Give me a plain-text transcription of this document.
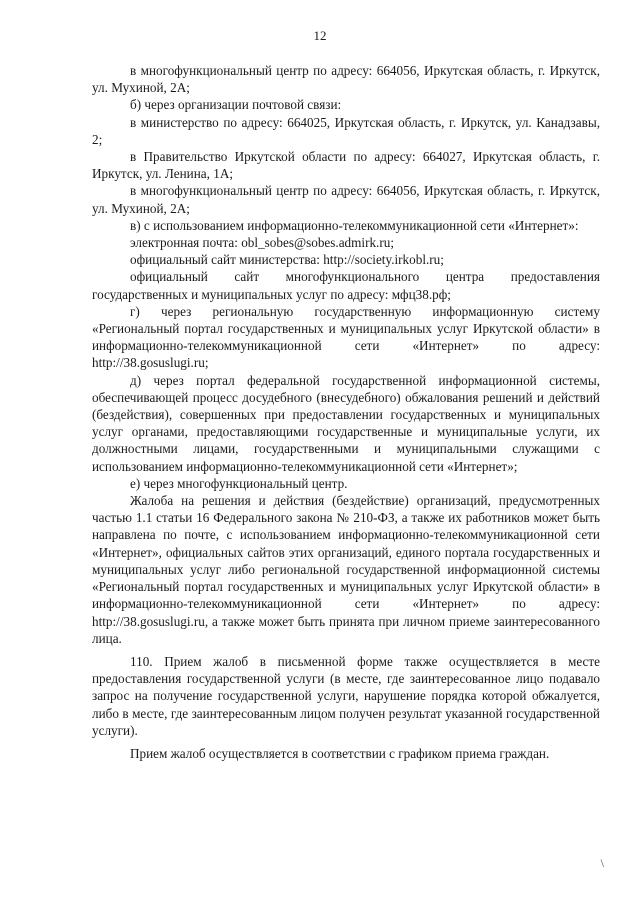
12

в многофункциональный центр по адресу: 664056, Иркутская область, г. Иркутск, ул. Мухиной, 2А;

б) через организации почтовой связи:

в министерство по адресу: 664025, Иркутская область, г. Иркутск, ул. Канадзавы, 2;

в Правительство Иркутской области по адресу: 664027, Иркутская область, г. Иркутск, ул. Ленина, 1А;

в многофункциональный центр по адресу: 664056, Иркутская область, г. Иркутск, ул. Мухиной, 2А;

в) с использованием информационно-телекоммуникационной сети «Интернет»:

электронная почта: obl_sobes@sobes.admirk.ru;

официальный сайт министерства: http://society.irkobl.ru;

официальный сайт многофункционального центра предоставления государственных и муниципальных услуг по адресу: мфц38.рф;

г) через региональную государственную информационную систему «Региональный портал государственных и муниципальных услуг Иркутской области» в информационно-телекоммуникационной сети «Интернет» по адресу: http://38.gosuslugi.ru;

д) через портал федеральной государственной информационной системы, обеспечивающей процесс досудебного (внесудебного) обжалования решений и действий (бездействия), совершенных при предоставлении государственных и муниципальных услуг органами, предоставляющими государственные и муниципальные услуги, их должностными лицами, государственными и муниципальными служащими с использованием информационно-телекоммуникационной сети «Интернет»;

е) через многофункциональный центр.

Жалоба на решения и действия (бездействие) организаций, предусмотренных частью 1.1 статьи 16 Федерального закона № 210-ФЗ, а также их работников может быть направлена по почте, с использованием информационно-телекоммуникационной сети «Интернет», официальных сайтов этих организаций, единого портала государственных и муниципальных услуг либо региональной государственной информационной системы «Региональный портал государственных и муниципальных услуг Иркутской области» в информационно-телекоммуникационной сети «Интернет» по адресу: http://38.gosuslugi.ru, а также может быть принята при личном приеме заинтересованного лица.

110. Прием жалоб в письменной форме также осуществляется в месте предоставления государственной услуги (в месте, где заинтересованное лицо подавало запрос на получение государственной услуги, нарушение порядка которой обжалуется, либо в месте, где заинтересованным лицом получен результат указанной государственной услуги).

Прием жалоб осуществляется в соответствии с графиком приема граждан.

\
